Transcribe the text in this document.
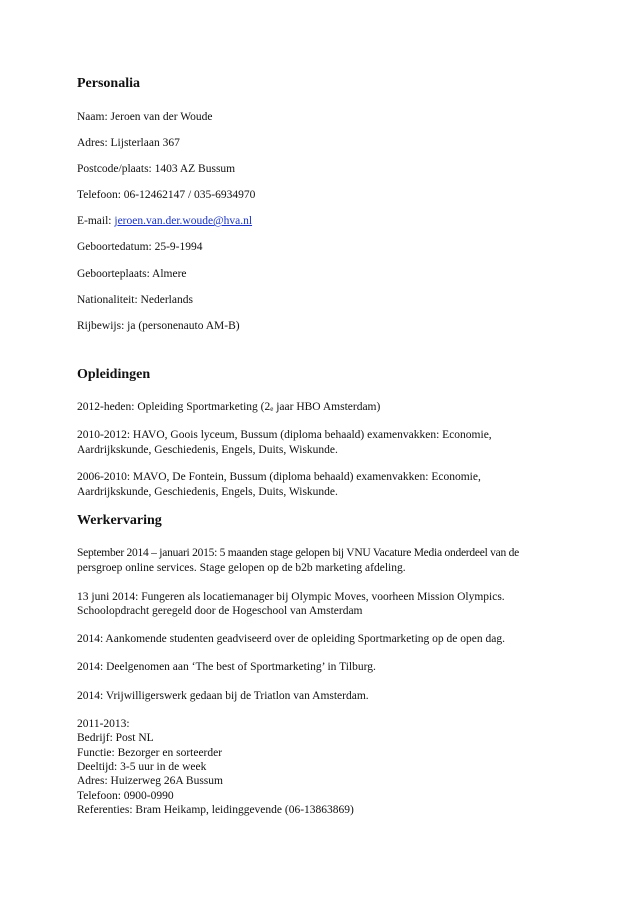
Personalia
Naam: Jeroen van der Woude
Adres: Lijsterlaan 367
Postcode/plaats: 1403 AZ Bussum
Telefoon: 06-12462147 / 035-6934970
E-mail: jeroen.van.der.woude@hva.nl
Geboortedatum: 25-9-1994
Geboorteplaats: Almere
Nationaliteit: Nederlands
Rijbewijs: ja (personenauto AM-B)
Opleidingen
2012-heden: Opleiding Sportmarketing ($2_e$ jaar HBO Amsterdam)
2010-2012: HAVO, Goois lyceum, Bussum (diploma behaald) examenvakken: Economie,
Aardrijkskunde, Geschiedenis, Engels, Duits, Wiskunde.
2006-2010: MAVO, De Fontein, Bussum (diploma behaald) examenvakken: Economie,
Aardrijkskunde, Geschiedenis, Engels, Duits, Wiskunde.
Werkervaring
September 2014 – januari 2015: 5 maanden stage gelopen bij VNU Vacature Media onderdeel van de
persgroep online services. Stage gelopen op de b2b marketing afdeling.
13 juni 2014: Fungeren als locatiemanager bij Olympic Moves, voorheen Mission Olympics.
Schoolopdracht geregeld door de Hogeschool van Amsterdam
2014: Aankomende studenten geadviseerd over de opleiding Sportmarketing op de open dag.
2014: Deelgenomen aan ‘The best of Sportmarketing’ in Tilburg.
2014: Vrijwilligerswerk gedaan bij de Triatlon van Amsterdam.
2011-2013:
Bedrijf: Post NL
Functie: Bezorger en sorteerder
Deeltijd: 3-5 uur in de week
Adres: Huizerweg 26A Bussum
Telefoon: 0900-0990
Referenties: Bram Heikamp, leidinggevende (06-13863869)
